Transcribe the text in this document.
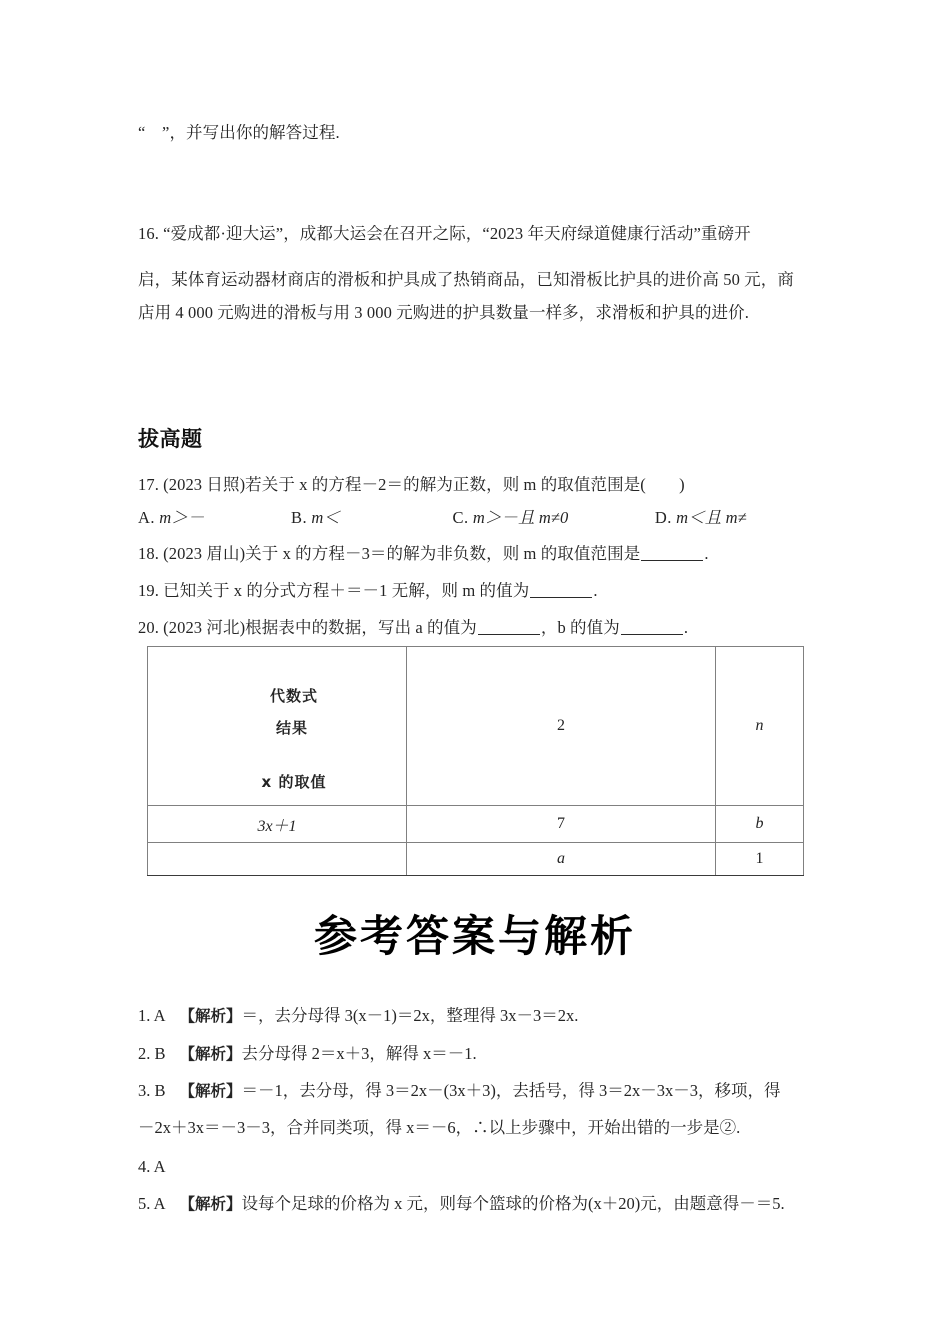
“　”，并写出你的解答过程.
16. “爱成都·迎大运”，成都大运会在召开之际，“2023 年天府绿道健康行活动”重磅开
启，某体育运动器材商店的滑板和护具成了热销商品，已知滑板比护具的进价高 50 元，商
店用 4 000 元购进的滑板与用 3 000 元购进的护具数量一样多，求滑板和护具的进价.
拔高题
17. (2023 日照)若关于 x 的方程－2＝的解为正数，则 m 的取值范围是(　　)
A. m＞－	B. m＜	C. m＞－且 m≠0	D. m＜且 m≠
18. (2023 眉山)关于 x 的方程－3＝的解为非负数，则 m 的取值范围是	.
19. 已知关于 x 的分式方程＋＝－1 无解，则 m 的值为	.
20. (2023 河北)根据表中的数据，写出 a 的值为	，b 的值为	.
代数式
结果
x 的取值	2	n
3x＋1	7	b
	a	1
参考答案与解析
1. A 【解析】＝，去分母得 3(x－1)＝2x，整理得 3x－3＝2x.
2. B 【解析】去分母得 2＝x＋3，解得 x＝－1.
3. B 【解析】＝－1，去分母，得 3＝2x－(3x＋3)，去括号，得 3＝2x－3x－3，移项，得
－2x＋3x＝－3－3，合并同类项，得 x＝－6，∴以上步骤中，开始出错的一步是②.
4. A
5. A 【解析】设每个足球的价格为 x 元，则每个篮球的价格为(x＋20)元，由题意得－＝5.
